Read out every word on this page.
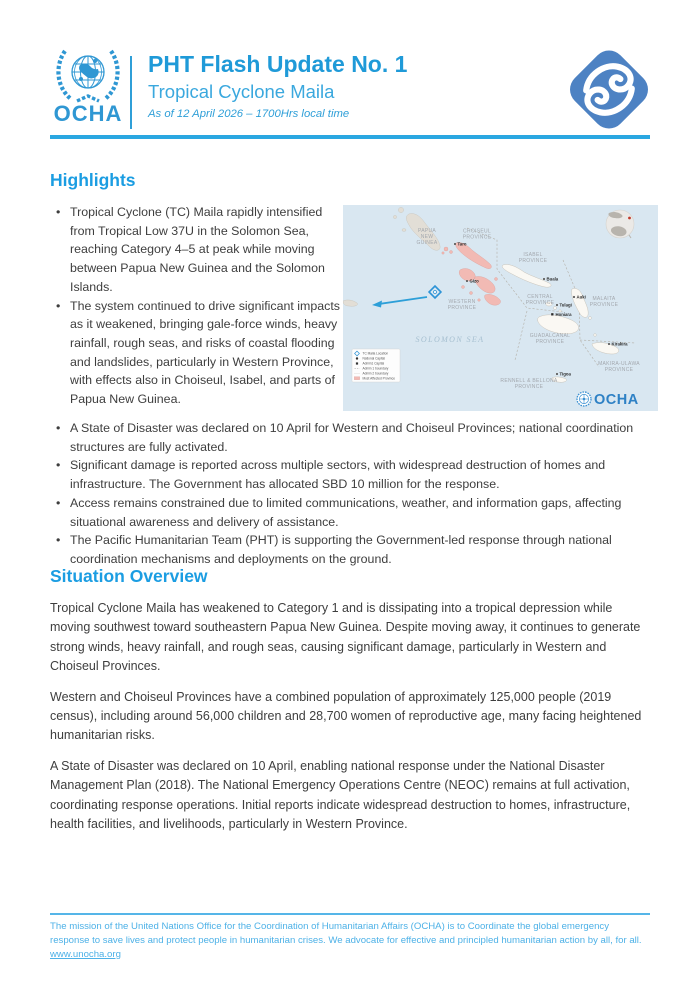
OCHA
PHT Flash Update No. 1
Tropical Cyclone Maila
As of 12 April 2026 – 1700Hrs local time
Highlights
• Tropical Cyclone (TC) Maila rapidly intensified from Tropical Low 37U in the Solomon Sea, reaching Category 4–5 at peak while moving between Papua New Guinea and the Solomon Islands.
• The system continued to drive significant impacts as it weakened, bringing gale-force winds, heavy rainfall, rough seas, and risks of coastal flooding and landslides, particularly in Western Province, with effects also in Choiseul, Isabel, and parts of Papua New Guinea.
PAPUA
NEW
GUINEA
CHOISEUL
PROVINCE
ISABEL
PROVINCE
WESTERN
PROVINCE
CENTRAL
PROVINCE
GUADALCANAL
PROVINCE
MALAITA
PROVINCE
MAKIRA-ULAWA
PROVINCE
RENNELL & BELLONA
PROVINCE
SOLOMON SEA
Taro
Gizo	Buala
Auki
Tulagi
Honiara
Kirakira
Tigoa
TC Maila Location
National Capital
Admin1 Capital
Admin 1 boundary
Admin 2 boundary
Most Affected Province
OCHA
• A State of Disaster was declared on 10 April for Western and Choiseul Provinces; national coordination structures are fully activated.
• Significant damage is reported across multiple sectors, with widespread destruction of homes and infrastructure. The Government has allocated SBD 10 million for the response.
• Access remains constrained due to limited communications, weather, and information gaps, affecting situational awareness and delivery of assistance.
• The Pacific Humanitarian Team (PHT) is supporting the Government-led response through national coordination mechanisms and deployments on the ground.
Situation Overview

Tropical Cyclone Maila has weakened to Category 1 and is dissipating into a tropical depression while moving southwest toward southeastern Papua New Guinea. Despite moving away, it continues to generate strong winds, heavy rainfall, and rough seas, causing significant damage, particularly in Western and Choiseul Provinces.

Western and Choiseul Provinces have a combined population of approximately 125,000 people (2019 census), including around 56,000 children and 28,700 women of reproductive age, many facing heightened humanitarian risks.

A State of Disaster was declared on 10 April, enabling national response under the National Disaster Management Plan (2018). The National Emergency Operations Centre (NEOC) remains at full activation, coordinating response operations. Initial reports indicate widespread destruction to homes, infrastructure, health facilities, and livelihoods, particularly in Western Province.

The mission of the United Nations Office for the Coordination of Humanitarian Affairs (OCHA) is to Coordinate the global emergency response to save lives and protect people in humanitarian crises. We advocate for effective and principled humanitarian action by all, for all.
www.unocha.org
